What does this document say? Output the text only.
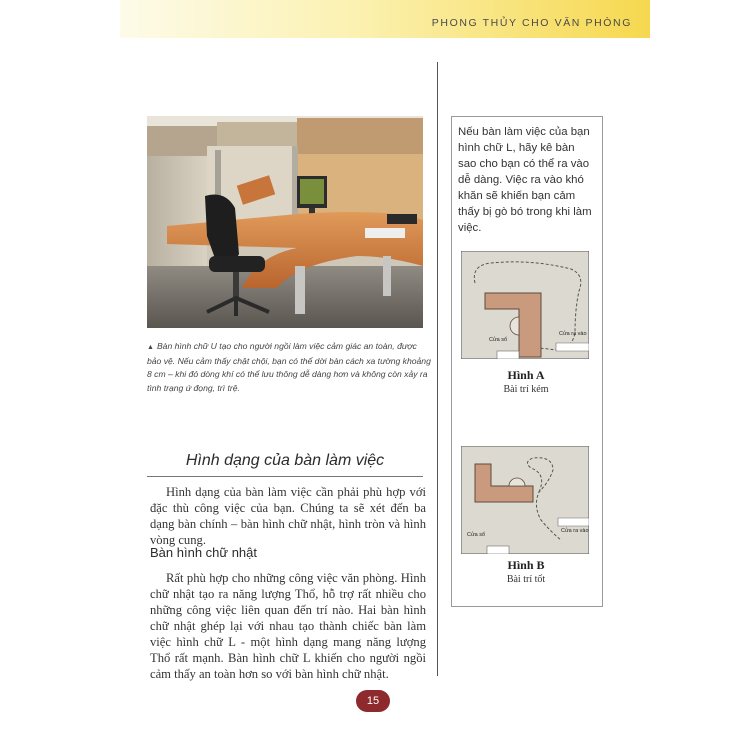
PHONG THỦY CHO VĂN PHÒNG
▲ Bàn hình chữ U tạo cho người ngồi làm việc cảm giác an toàn, được bảo vệ. Nếu cảm thấy chật chội, bạn có thể dời bàn cách xa tường khoảng 8 cm – khi đó dòng khí có thể lưu thông dễ dàng hơn và không còn xảy ra tình trạng ứ đọng, trì trệ.
Hình dạng của bàn làm việc
Hình dạng của bàn làm việc cần phải phù hợp với đặc thù công việc của bạn. Chúng ta sẽ xét đến ba dạng bàn chính – bàn hình chữ nhật, hình tròn và hình vòng cung.
Bàn hình chữ nhật
Rất phù hợp cho những công việc văn phòng. Hình chữ nhật tạo ra năng lượng Thổ, hỗ trợ rất nhiều cho những công việc liên quan đến trí nào. Hai bàn hình chữ nhật ghép lại với nhau tạo thành chiếc bàn làm việc hình chữ L - một hình dạng mang năng lượng Thổ rất mạnh. Bàn hình chữ L khiến cho người ngồi cảm thấy an toàn hơn so với bàn hình chữ nhật.
Nếu bàn làm việc của bạn hình chữ L, hãy kê bàn sao cho bạn có thể ra vào dễ dàng. Việc ra vào khó khăn sẽ khiến bạn cảm thấy bị gò bó trong khi làm việc.
Cửa sổ
Cửa ra vào
Hình A
Bài trí kém
Cửa sổ
Cửa ra vào
Hình B
Bài trí tốt
15
